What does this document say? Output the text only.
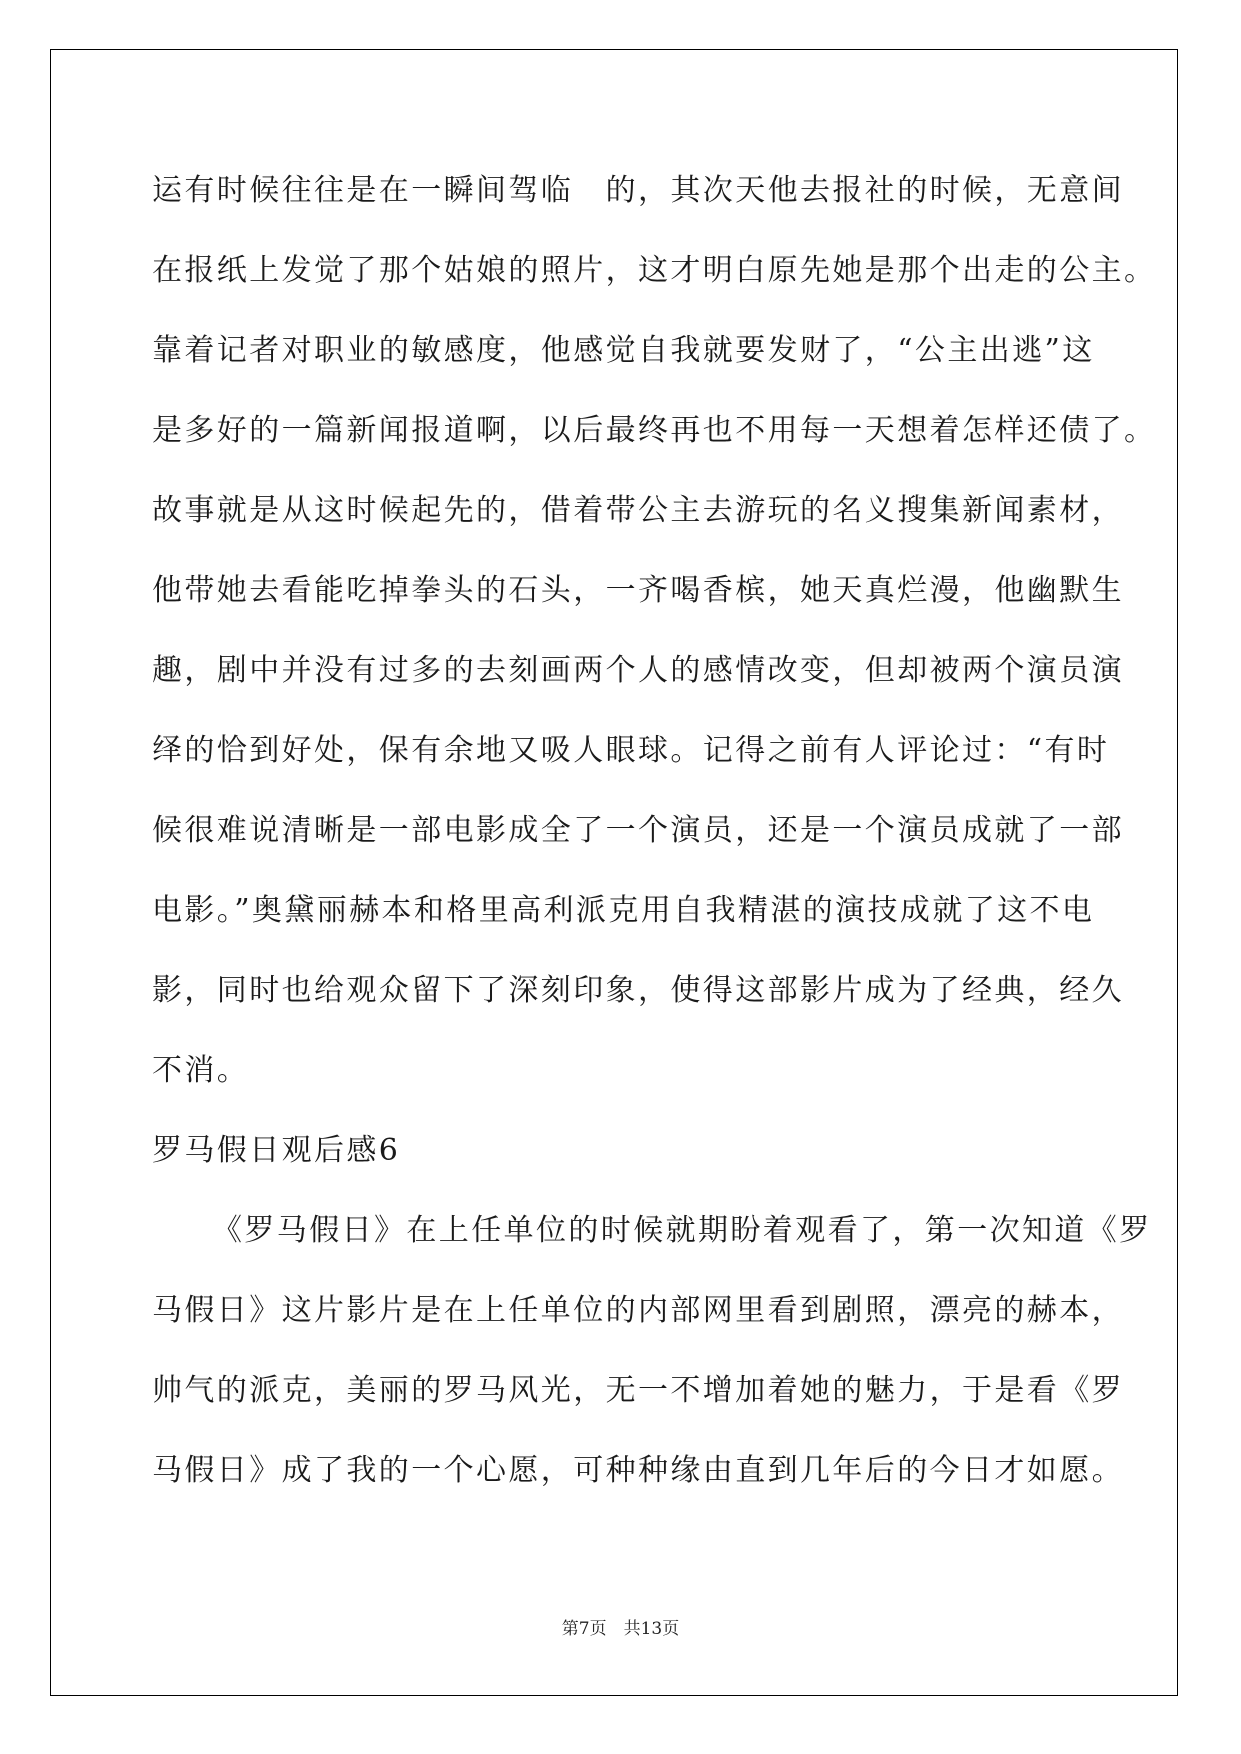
运有时候往往是在一瞬间驾临　的，其次天他去报社的时候，无意间
在报纸上发觉了那个姑娘的照片，这才明白原先她是那个出走的公主。
靠着记者对职业的敏感度，他感觉自我就要发财了，“公主出逃”这
是多好的一篇新闻报道啊，以后最终再也不用每一天想着怎样还债了。
故事就是从这时候起先的，借着带公主去游玩的名义搜集新闻素材，
他带她去看能吃掉拳头的石头，一齐喝香槟，她天真烂漫，他幽默生
趣，剧中并没有过多的去刻画两个人的感情改变，但却被两个演员演
绎的恰到好处，保有余地又吸人眼球。记得之前有人评论过：“有时
候很难说清晰是一部电影成全了一个演员，还是一个演员成就了一部
电影。”奥黛丽赫本和格里高利派克用自我精湛的演技成就了这不电
影，同时也给观众留下了深刻印象，使得这部影片成为了经典，经久
不消。
罗马假日观后感6
《罗马假日》在上任单位的时候就期盼着观看了，第一次知道《罗
马假日》这片影片是在上任单位的内部网里看到剧照，漂亮的赫本，
帅气的派克，美丽的罗马风光，无一不增加着她的魅力，于是看《罗
马假日》成了我的一个心愿，可种种缘由直到几年后的今日才如愿。
第7页　共13页
